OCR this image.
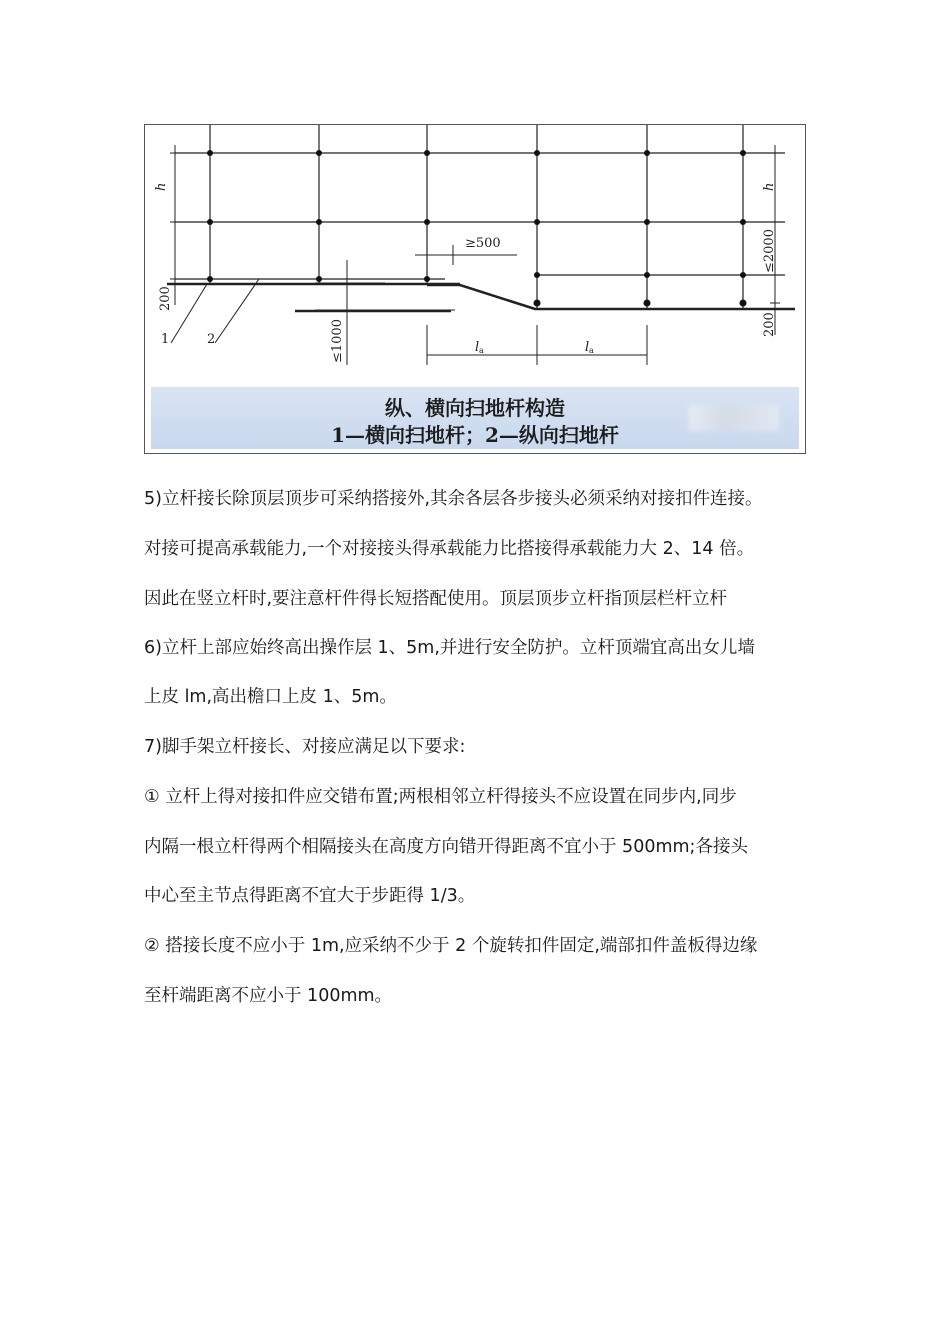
h	h
≥500	≤2000
200
200
≤1000	l a	l a
1	2
纵、横向扫地杆构造
1—横向扫地杆；2—纵向扫地杆
5)立杆接长除顶层顶步可采纳搭接外,其余各层各步接头必须采纳对接扣件连接。
对接可提高承载能力,一个对接接头得承载能力比搭接得承载能力大 2、14 倍。
因此在竖立杆时,要注意杆件得长短搭配使用。顶层顶步立杆指顶层栏杆立杆
6)立杆上部应始终高出操作层 1、5m,并进行安全防护。立杆顶端宜高出女儿墙
上皮 lm,高出檐口上皮 1、5m。
7)脚手架立杆接长、对接应满足以下要求:
① 立杆上得对接扣件应交错布置;两根相邻立杆得接头不应设置在同步内,同步
内隔一根立杆得两个相隔接头在高度方向错开得距离不宜小于 500mm;各接头
中心至主节点得距离不宜大于步距得 1/3。
② 搭接长度不应小于 1m,应采纳不少于 2 个旋转扣件固定,端部扣件盖板得边缘
至杆端距离不应小于 100mm。
